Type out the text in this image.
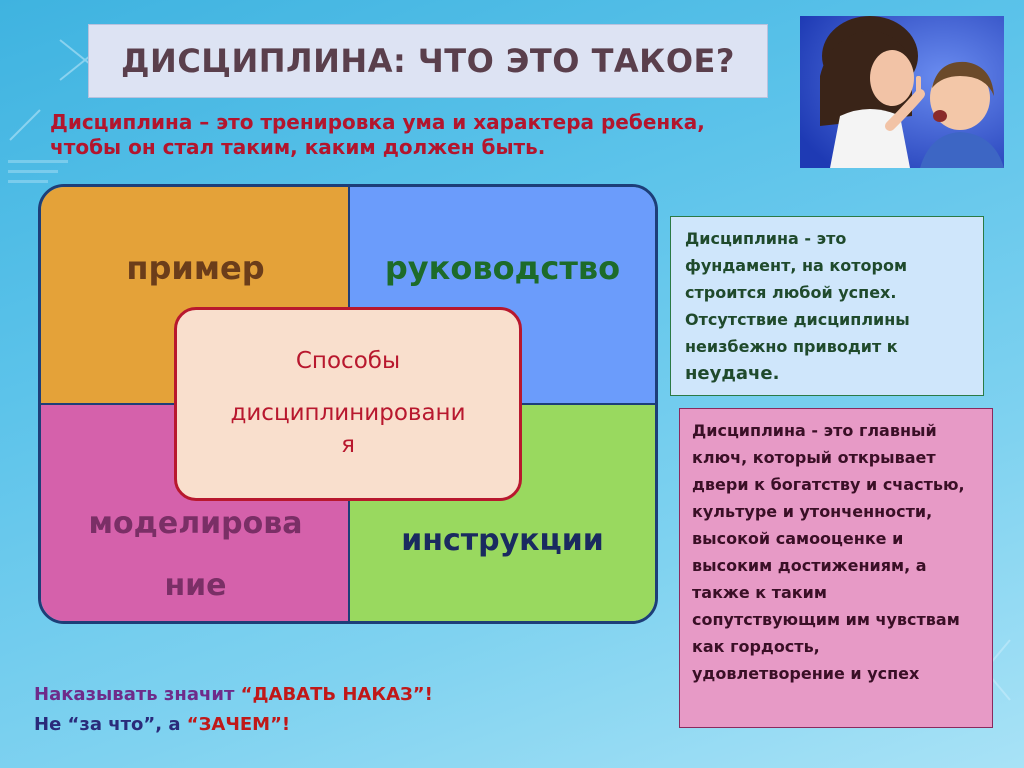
ДИСЦИПЛИНА: ЧТО ЭТО ТАКОЕ?
Дисциплина – это тренировка ума и характера ребенка,
чтобы он стал таким, каким должен быть.
пример	руководство
моделирова
ние
инструкции
Способы
дисциплинировани
я
Дисциплина - это
фундамент, на котором
строится любой успех.
Отсутствие дисциплины
неизбежно приводит к
неудаче.
Дисциплина - это главный
ключ, который открывает
двери к богатству и счастью,
культуре и утонченности,
высокой самооценке и
высоким достижениям, а
также к таким
сопутствующим им чувствам
как гордость,
удовлетворение и успех
Наказывать значит “ДАВАТЬ НАКАЗ”!
Не “за что”, а “ЗАЧЕМ”!
